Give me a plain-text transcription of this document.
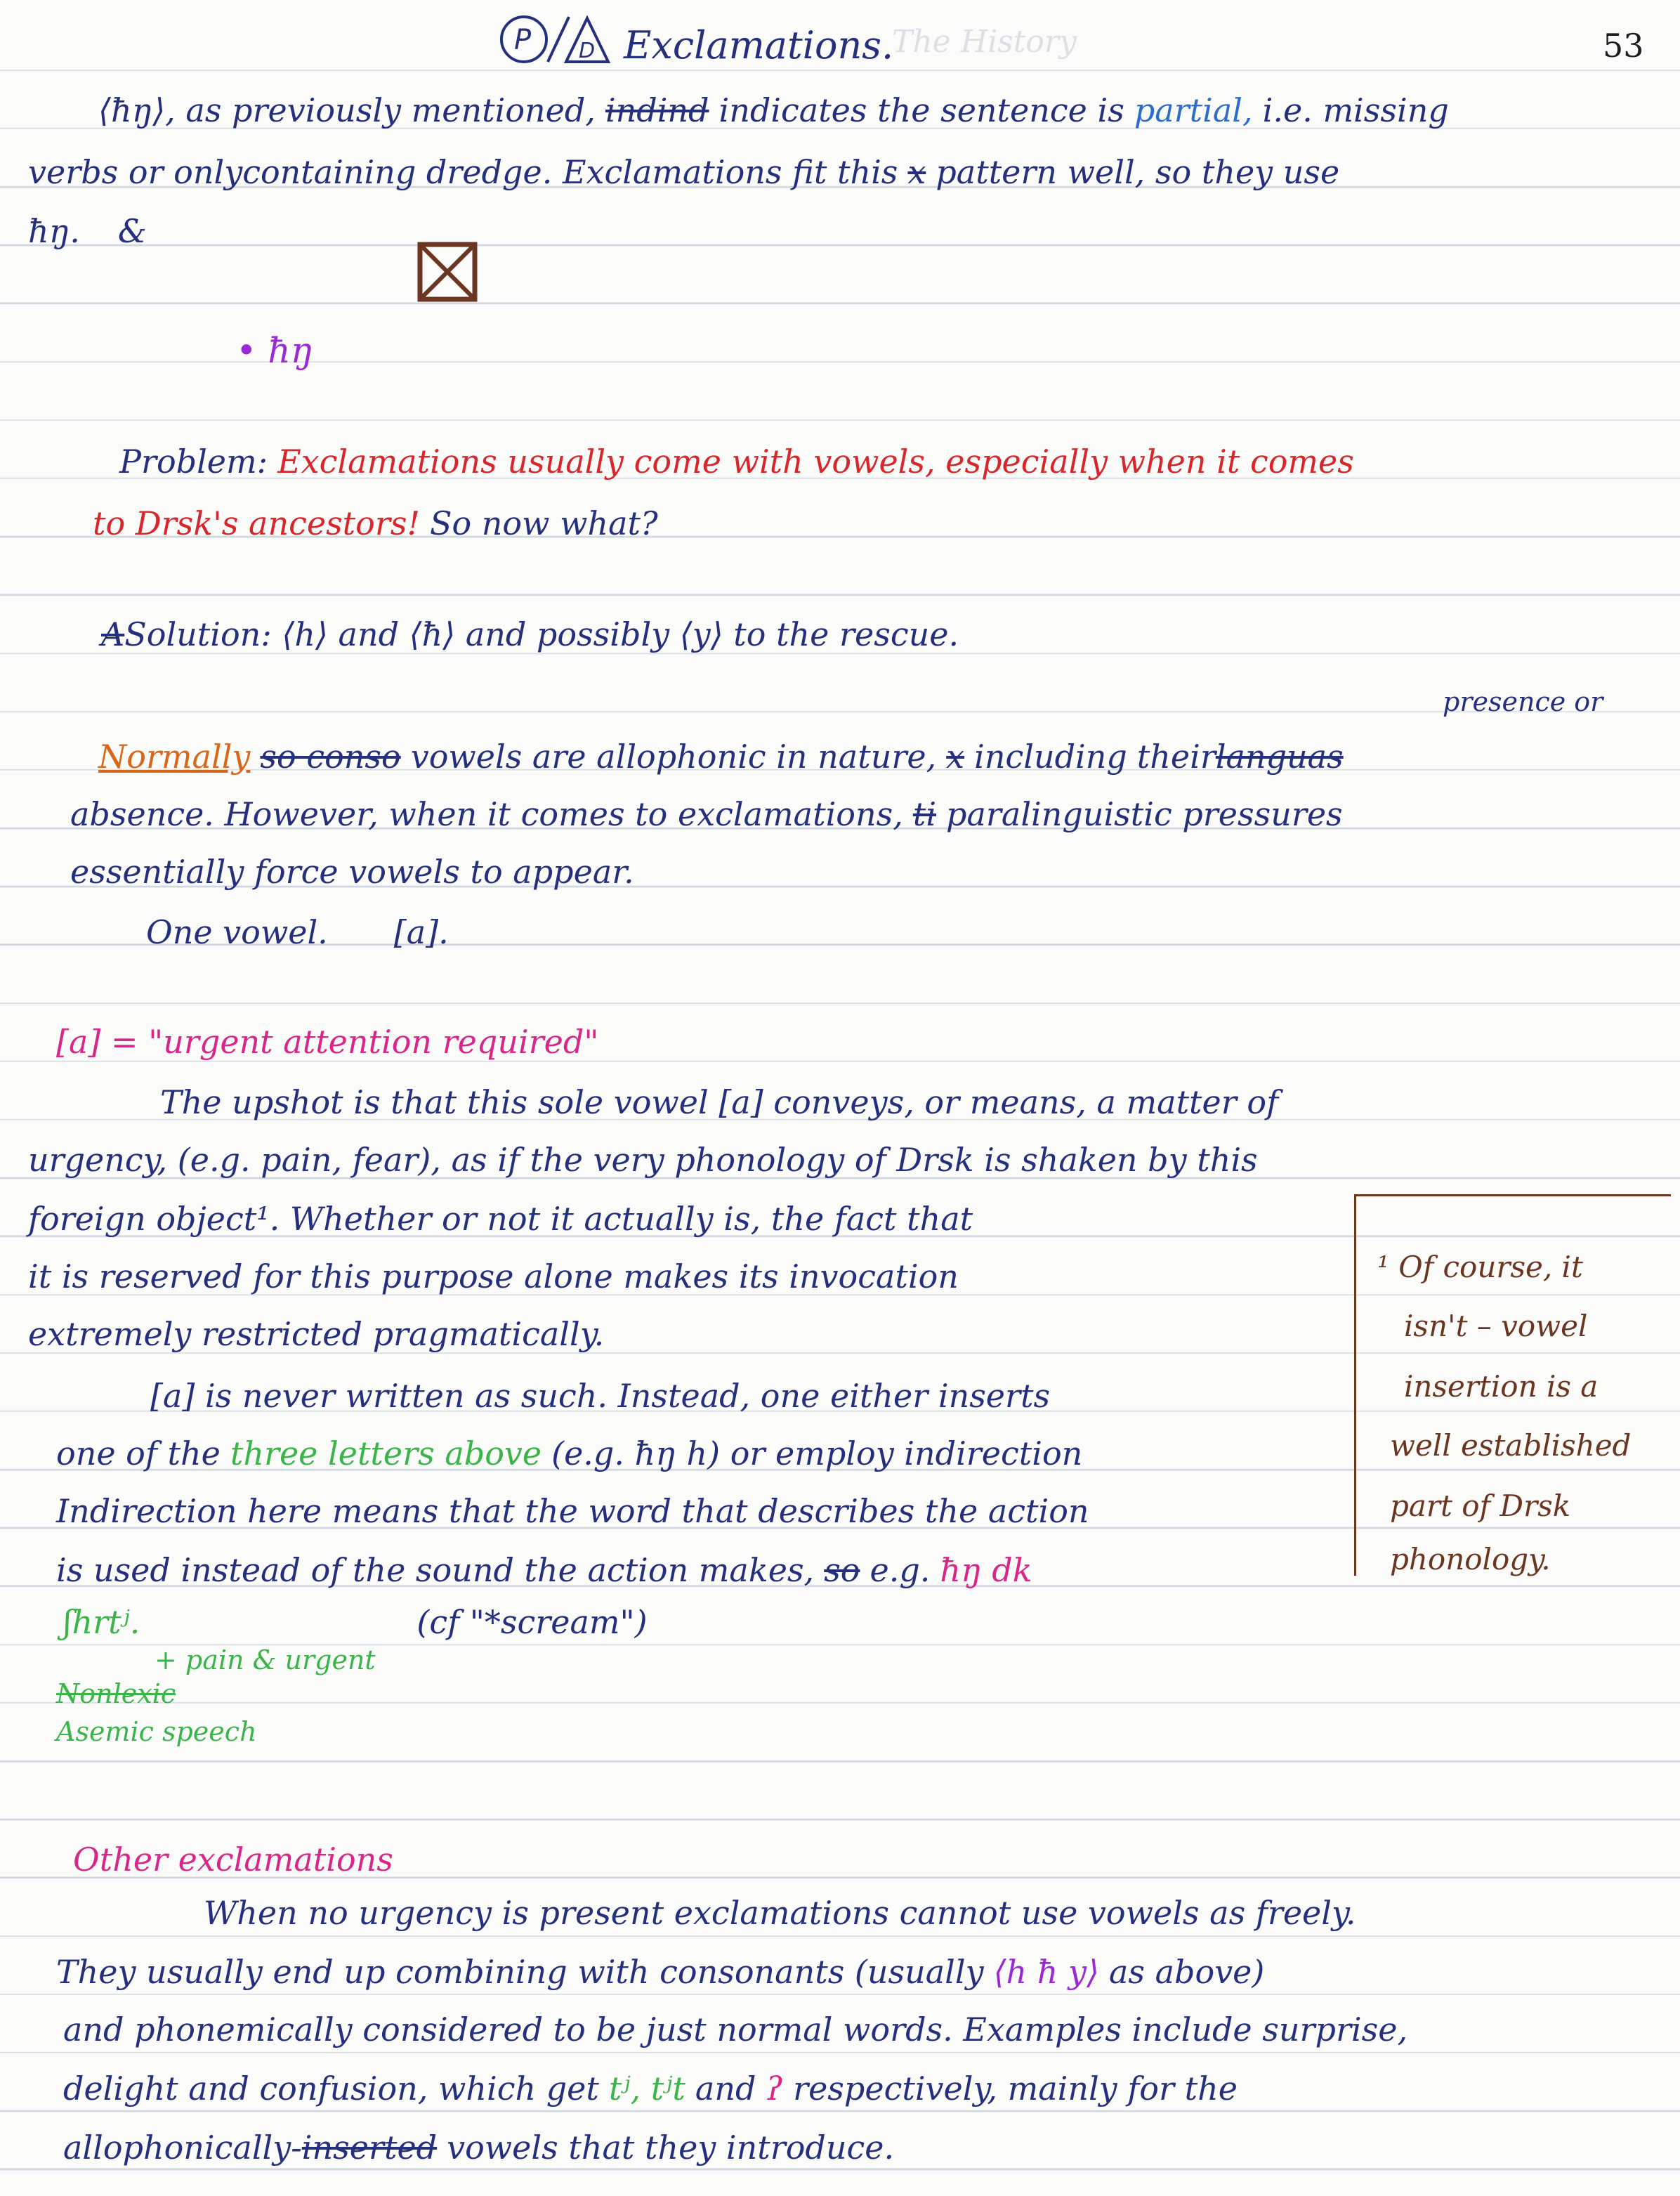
P D Exclamations.
The History	53
⟨ħŋ⟩, as previously mentioned, indind indicates the sentence is partial, i.e. missing
verbs or onlycontaining dredge. Exclamations fit this x pattern well, so they use
ħŋ. &
• ħŋ
Problem: Exclamations usually come with vowels, especially when it comes
to Drsk's ancestors! So now what?
ASolution: ⟨h⟩ and ⟨ħ⟩ and possibly ⟨y⟩ to the rescue.
presence or
Normally so conso vowels are allophonic in nature, x including theirlanguas
absence. However, when it comes to exclamations, ti paralinguistic pressures
essentially force vowels to appear.
One vowel. [a].
[a] = "urgent attention required"
The upshot is that this sole vowel [a] conveys, or means, a matter of
urgency, (e.g. pain, fear), as if the very phonology of Drsk is shaken by this
foreign object¹. Whether or not it actually is, the fact that
it is reserved for this purpose alone makes its invocation
extremely restricted pragmatically.
[a] is never written as such. Instead, one either inserts
one of the three letters above (e.g. ħŋ h) or employ indirection
Indirection here means that the word that describes the action
is used instead of the sound the action makes, so e.g. ħŋ dk
ʃhrtʲ.	(cf "*scream")
+ pain & urgent
Nonlexic
Asemic speech
¹ Of course, it
isn't – vowel
insertion is a
well established
part of Drsk
phonology.
Other exclamations
When no urgency is present exclamations cannot use vowels as freely.
They usually end up combining with consonants (usually ⟨h ħ y⟩ as above)
and phonemically considered to be just normal words. Examples include surprise,
delight and confusion, which get tʲ, tʲt and ʔ respectively, mainly for the
allophonically-inserted vowels that they introduce.
